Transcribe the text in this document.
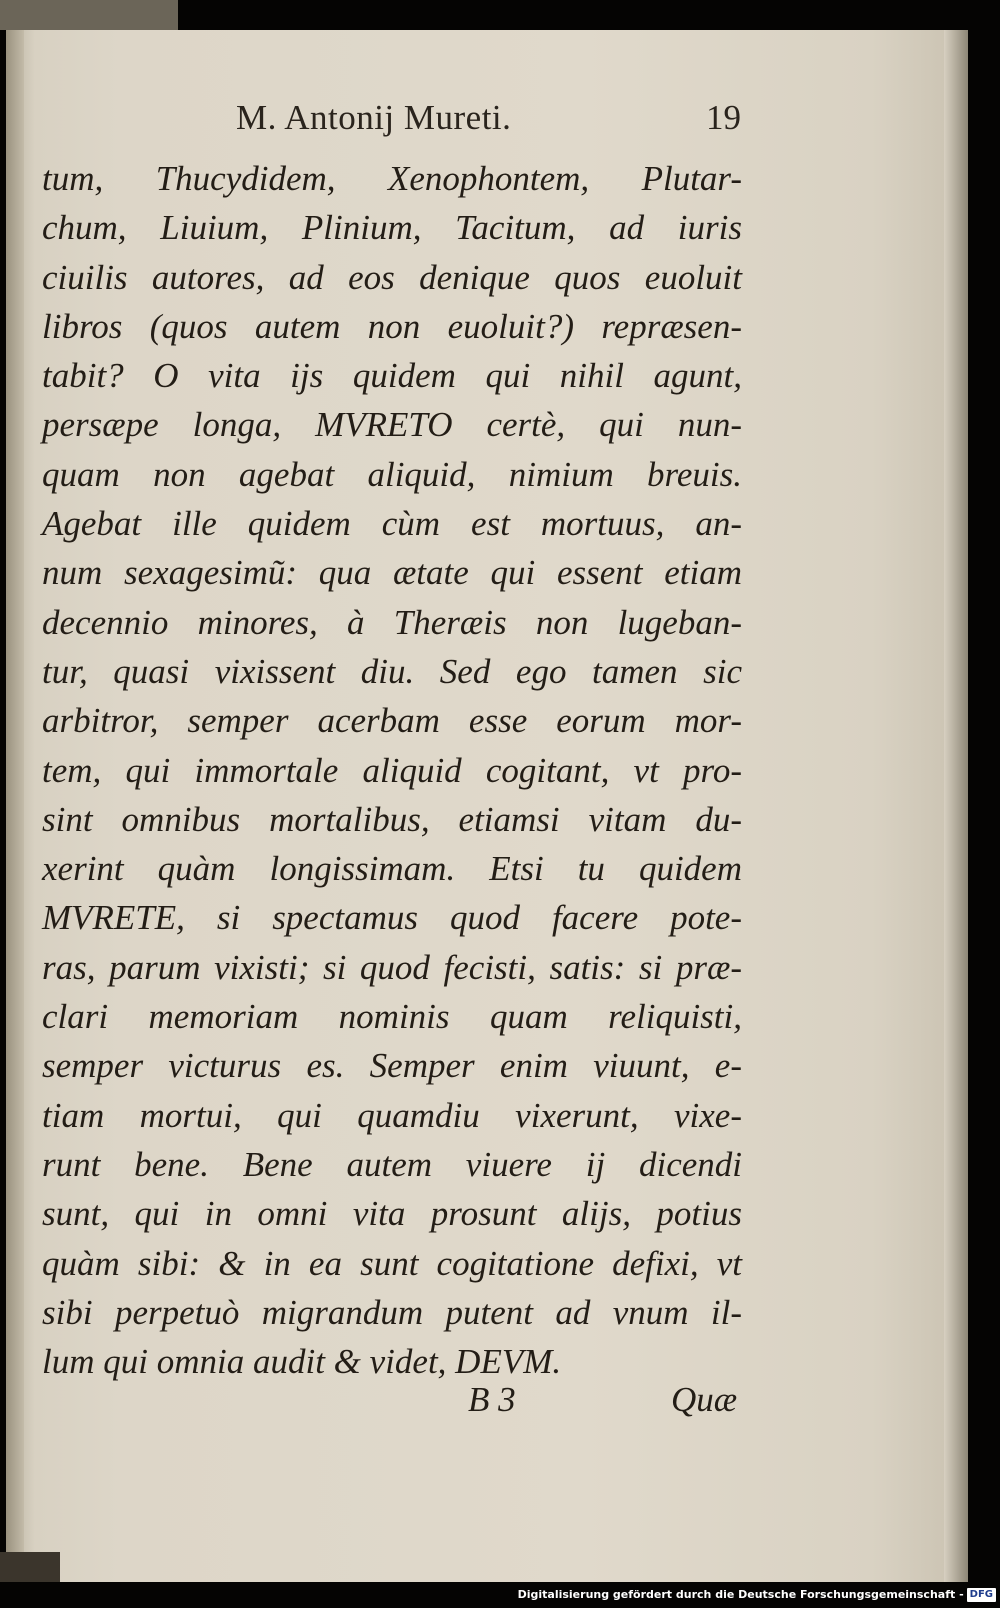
M. Antonij Mureti.	19
tum, Thucydidem, Xenophontem, Plutar-
chum, Liuium, Plinium, Tacitum, ad iuris
ciuilis autores, ad eos denique quos euoluit
libros (quos autem non euoluit?) repræsen-
tabit? O vita ijs quidem qui nihil agunt,
persæpe longa, MVRETO certè, qui nun-
quam non agebat aliquid, nimium breuis.
Agebat ille quidem cùm est mortuus, an-
num sexagesimũ: qua ætate qui essent etiam
decennio minores, à Theræis non lugeban-
tur, quasi vixissent diu. Sed ego tamen sic
arbitror, semper acerbam esse eorum mor-
tem, qui immortale aliquid cogitant, vt pro-
sint omnibus mortalibus, etiamsi vitam du-
xerint quàm longissimam. Etsi tu quidem
MVRETE, si spectamus quod facere pote-
ras, parum vixisti; si quod fecisti, satis: si præ-
clari memoriam nominis quam reliquisti,
semper victurus es. Semper enim viuunt, e-
tiam mortui, qui quamdiu vixerunt, vixe-
runt bene. Bene autem viuere ij dicendi
sunt, qui in omni vita prosunt alijs, potius
quàm sibi: & in ea sunt cogitatione defixi, vt
sibi perpetuò migrandum putent ad vnum il-
lum qui omnia audit & videt, DEVM.
B 3	Quæ
Digitalisierung gefördert durch die Deutsche Forschungsgemeinschaft - DFG
